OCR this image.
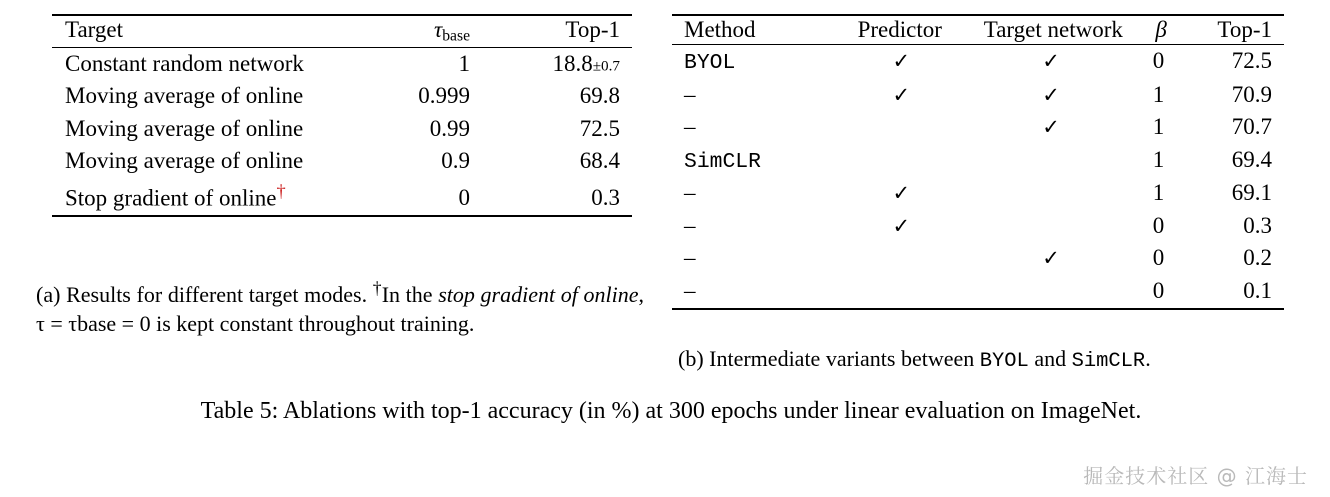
Target	$\tau_{base}$	Top-1
Constant random network	1	18.8±0.7
Moving average of online	0.999	69.8
Moving average of online	0.99	72.5
Moving average of online	0.9	68.4
Stop gradient of online†	0	0.3
(a) Results for different target modes. †In the stop gradient of online, τ = τbase = 0 is kept constant throughout training.
Method	Predictor	Target network	β	Top-1
BYOL	✓	✓	0	72.5
–	✓	✓	1	70.9
–		✓	1	70.7
SimCLR			1	69.4
–	✓		1	69.1
–	✓		0	0.3
–		✓	0	0.2
–			0	0.1
(b) Intermediate variants between BYOL and SimCLR.
Table 5: Ablations with top-1 accuracy (in %) at 300 epochs under linear evaluation on ImageNet.
掘金技术社区 @ 江海士
